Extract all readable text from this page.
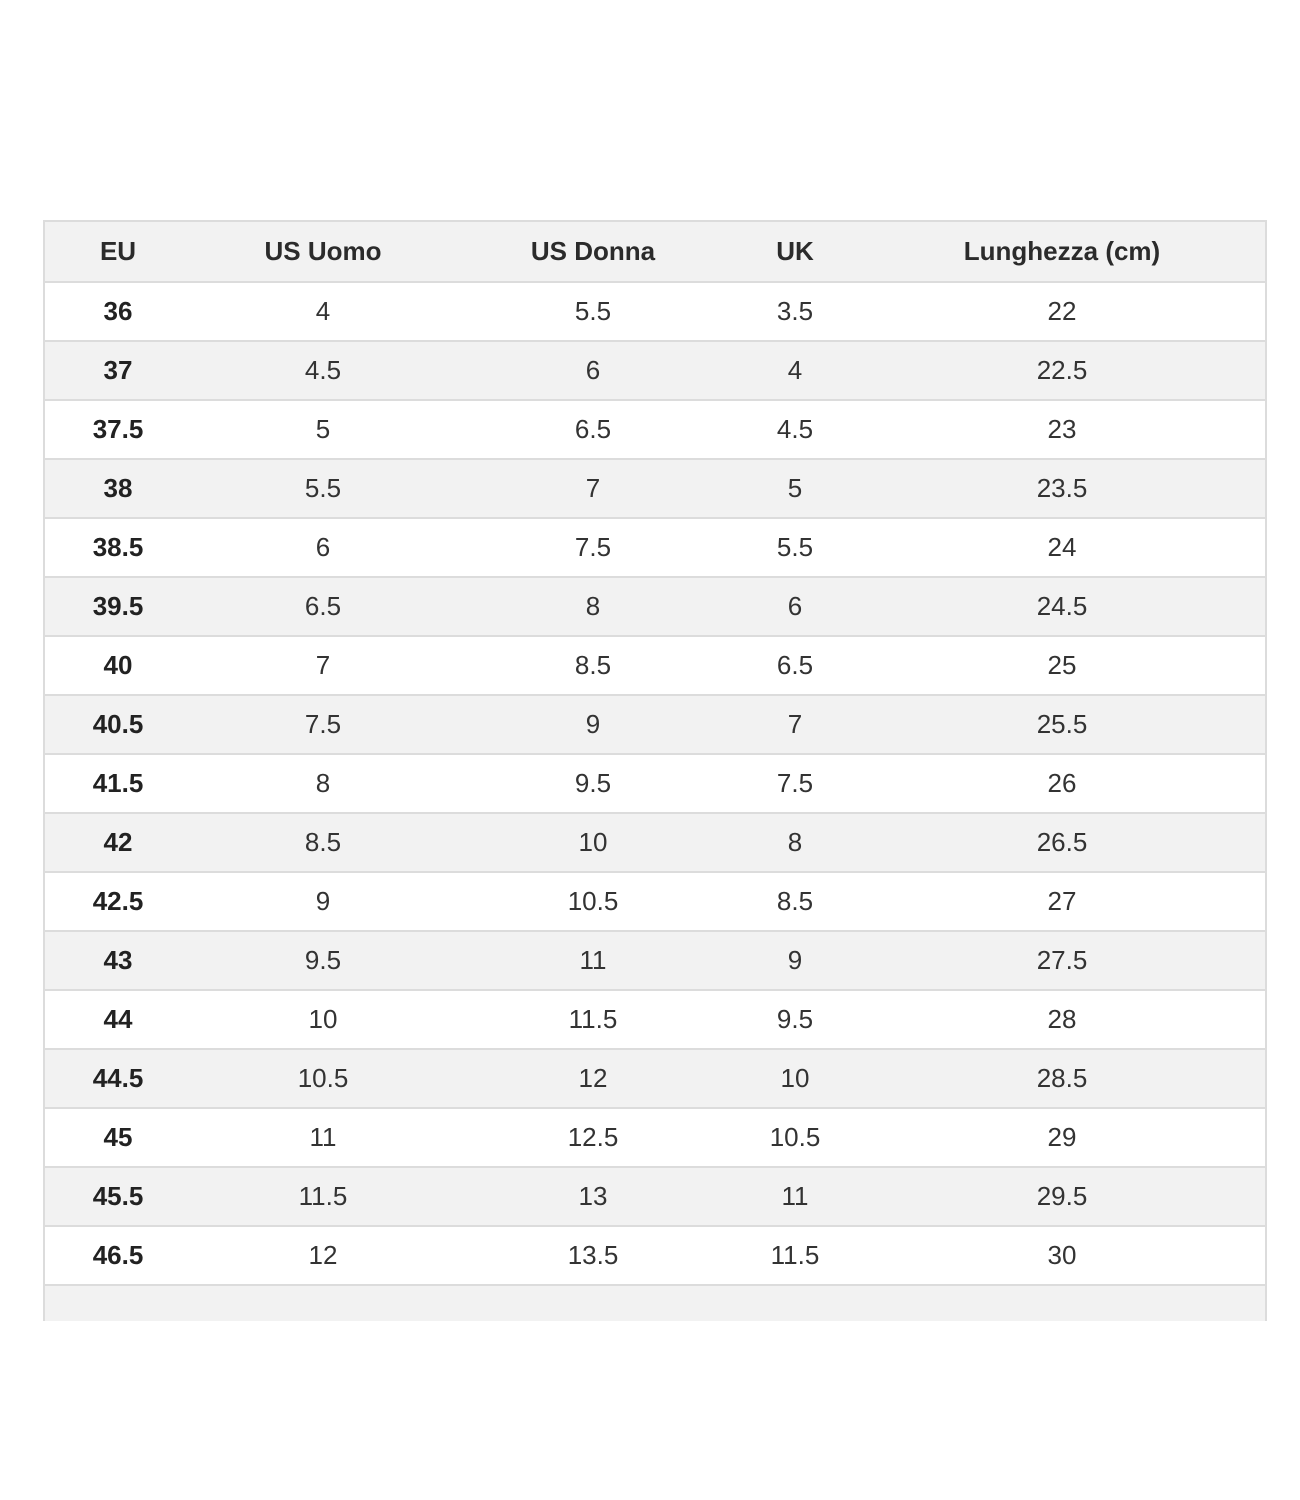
EU	US Uomo	US Donna	UK	Lunghezza (cm)
36	4	5.5	3.5	22
37	4.5	6	4	22.5
37.5	5	6.5	4.5	23
38	5.5	7	5	23.5
38.5	6	7.5	5.5	24
39.5	6.5	8	6	24.5
40	7	8.5	6.5	25
40.5	7.5	9	7	25.5
41.5	8	9.5	7.5	26
42	8.5	10	8	26.5
42.5	9	10.5	8.5	27
43	9.5	11	9	27.5
44	10	11.5	9.5	28
44.5	10.5	12	10	28.5
45	11	12.5	10.5	29
45.5	11.5	13	11	29.5
46.5	12	13.5	11.5	30
